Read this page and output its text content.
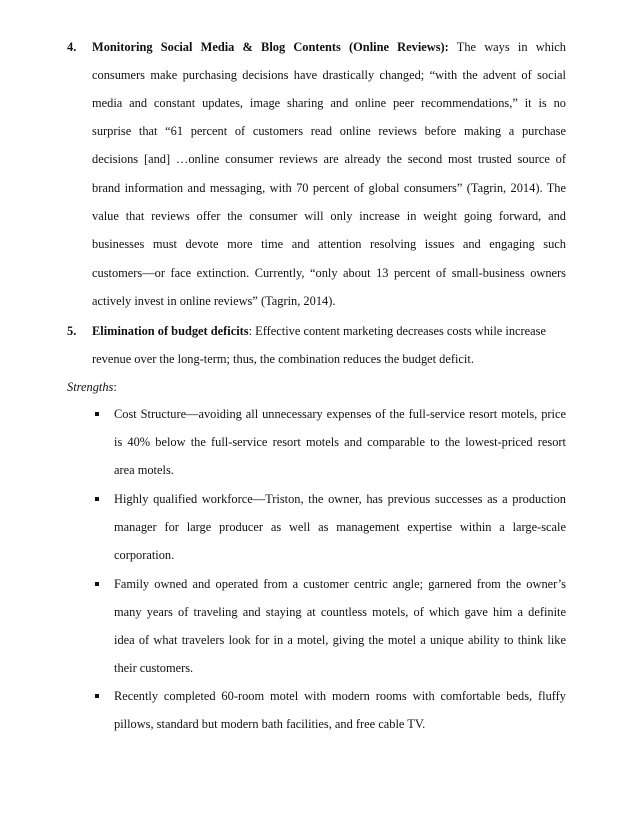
4. Monitoring Social Media & Blog Contents (Online Reviews): The ways in which
consumers make purchasing decisions have drastically changed; “with the advent of social
media and constant updates, image sharing and online peer recommendations,” it is no
surprise that “61 percent of customers read online reviews before making a purchase
decisions [and] …online consumer reviews are already the second most trusted source of
brand information and messaging, with 70 percent of global consumers” (Tagrin, 2014). The
value that reviews offer the consumer will only increase in weight going forward, and
businesses must devote more time and attention resolving issues and engaging such
customers—or face extinction. Currently, “only about 13 percent of small-business owners
actively invest in online reviews” (Tagrin, 2014).
5. Elimination of budget deficits: Effective content marketing decreases costs while increase
revenue over the long-term; thus, the combination reduces the budget deficit.
Strengths:
Cost Structure—avoiding all unnecessary expenses of the full-service resort motels, price
is 40% below the full-service resort motels and comparable to the lowest-priced resort
area motels.
Highly qualified workforce—Triston, the owner, has previous successes as a production
manager for large producer as well as management expertise within a large-scale
corporation.
Family owned and operated from a customer centric angle; garnered from the owner’s
many years of traveling and staying at countless motels, of which gave him a definite
idea of what travelers look for in a motel, giving the motel a unique ability to think like
their customers.
Recently completed 60-room motel with modern rooms with comfortable beds, fluffy
pillows, standard but modern bath facilities, and free cable TV.
